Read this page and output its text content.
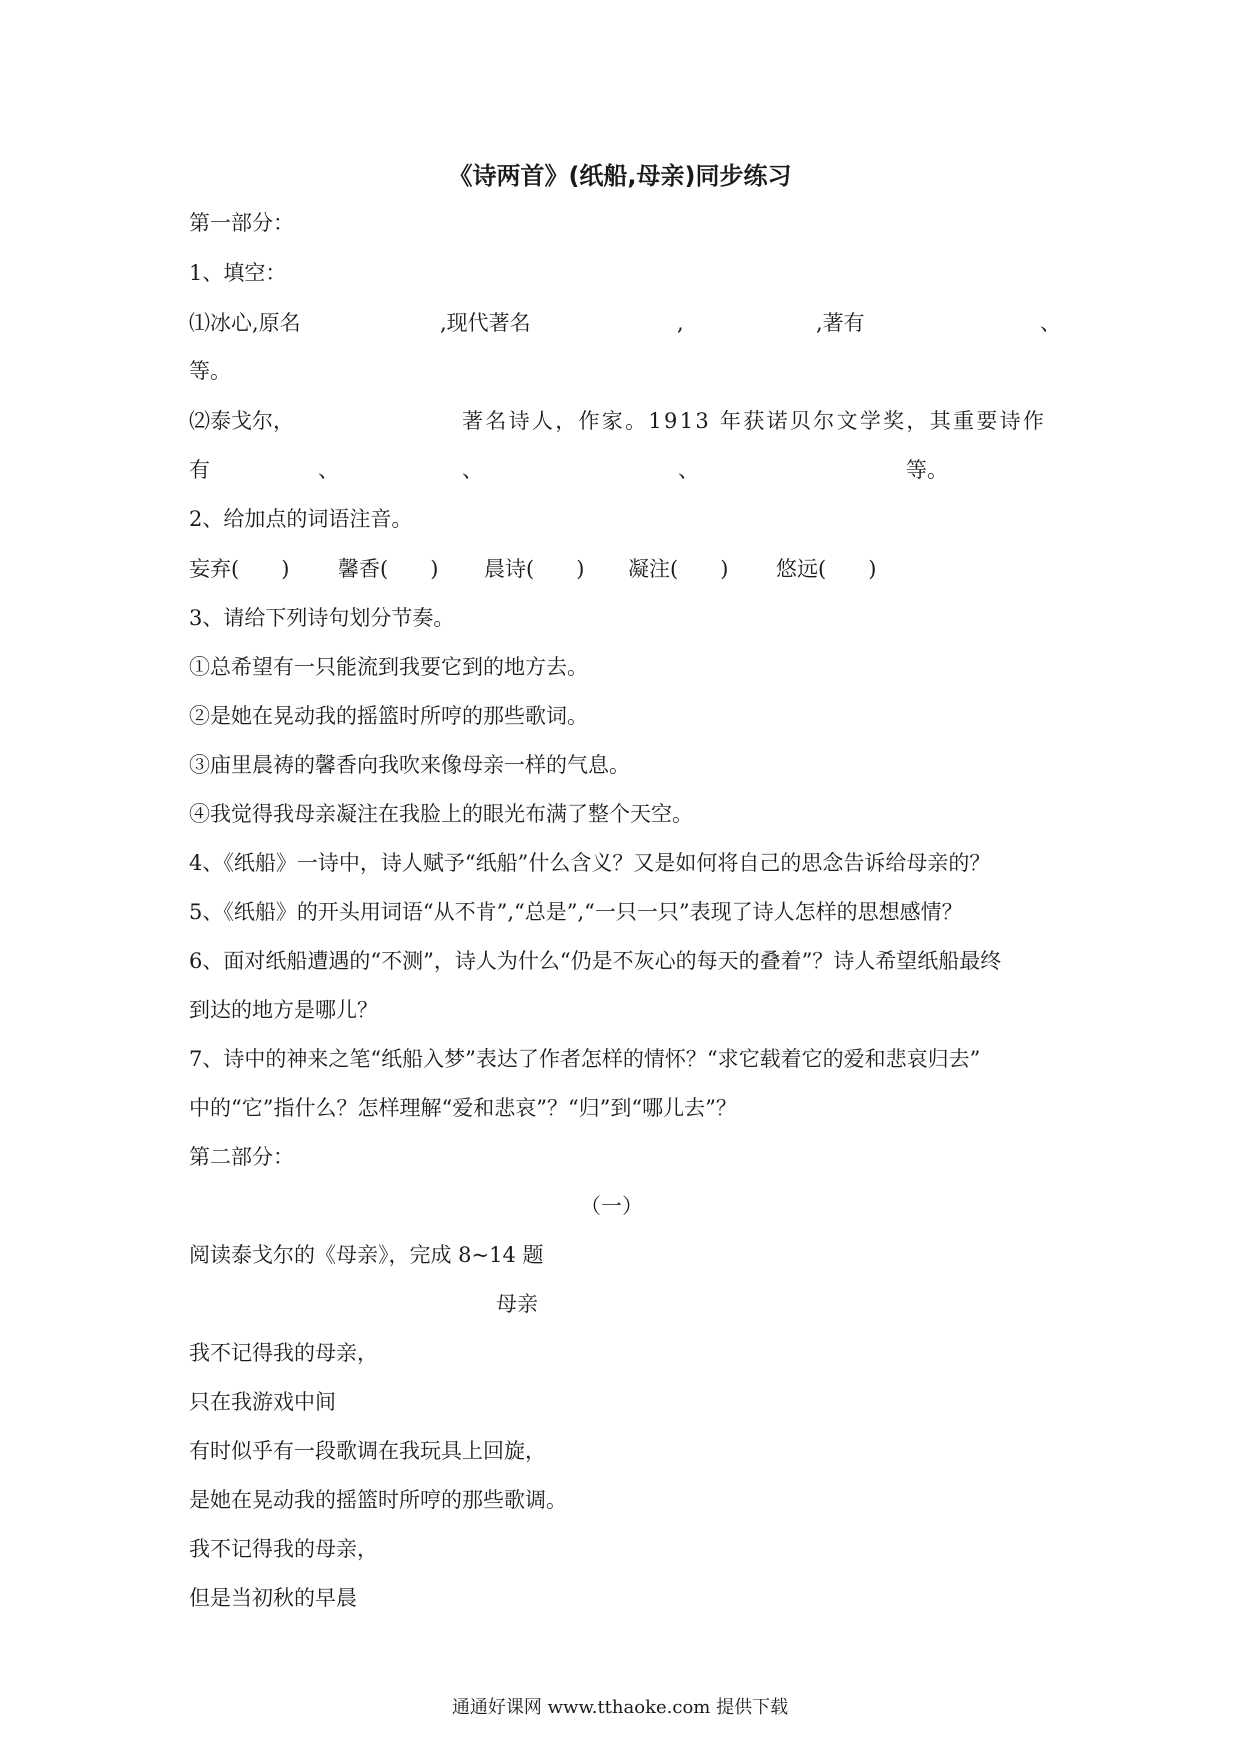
《诗两首》(纸船,母亲)同步练习
第一部分：
1、填空：
⑴冰心,原名	,现代著名	,	,著有	、
等。
⑵泰戈尔，	著名诗人，作家。1913 年获诺贝尔文学奖，其重要诗作
有	、	、	、	等。
2、给加点的词语注音。
妄弃(　　) 馨香(　　) 晨诗(　　) 凝注(　　) 悠远(　　)
3、请给下列诗句划分节奏。
①总希望有一只能流到我要它到的地方去。
②是她在晃动我的摇篮时所哼的那些歌词。
③庙里晨祷的馨香向我吹来像母亲一样的气息。
④我觉得我母亲凝注在我脸上的眼光布满了整个天空。
4、《纸船》一诗中，诗人赋予“纸船”什么含义？又是如何将自己的思念告诉给母亲的？
5、《纸船》的开头用词语“从不肯”,“总是”,“一只一只”表现了诗人怎样的思想感情？
6、面对纸船遭遇的“不测”，诗人为什么“仍是不灰心的每天的叠着”？诗人希望纸船最终
到达的地方是哪儿？
7、诗中的神来之笔“纸船入梦”表达了作者怎样的情怀？“求它载着它的爱和悲哀归去”
中的“它”指什么？怎样理解“爱和悲哀”？“归”到“哪儿去”？
第二部分：
（一）
阅读泰戈尔的《母亲》，完成 8~14 题
母亲
我不记得我的母亲，
只在我游戏中间
有时似乎有一段歌调在我玩具上回旋，
是她在晃动我的摇篮时所哼的那些歌调。
我不记得我的母亲，
但是当初秋的早晨
通通好课网 www.tthaoke.com 提供下载
